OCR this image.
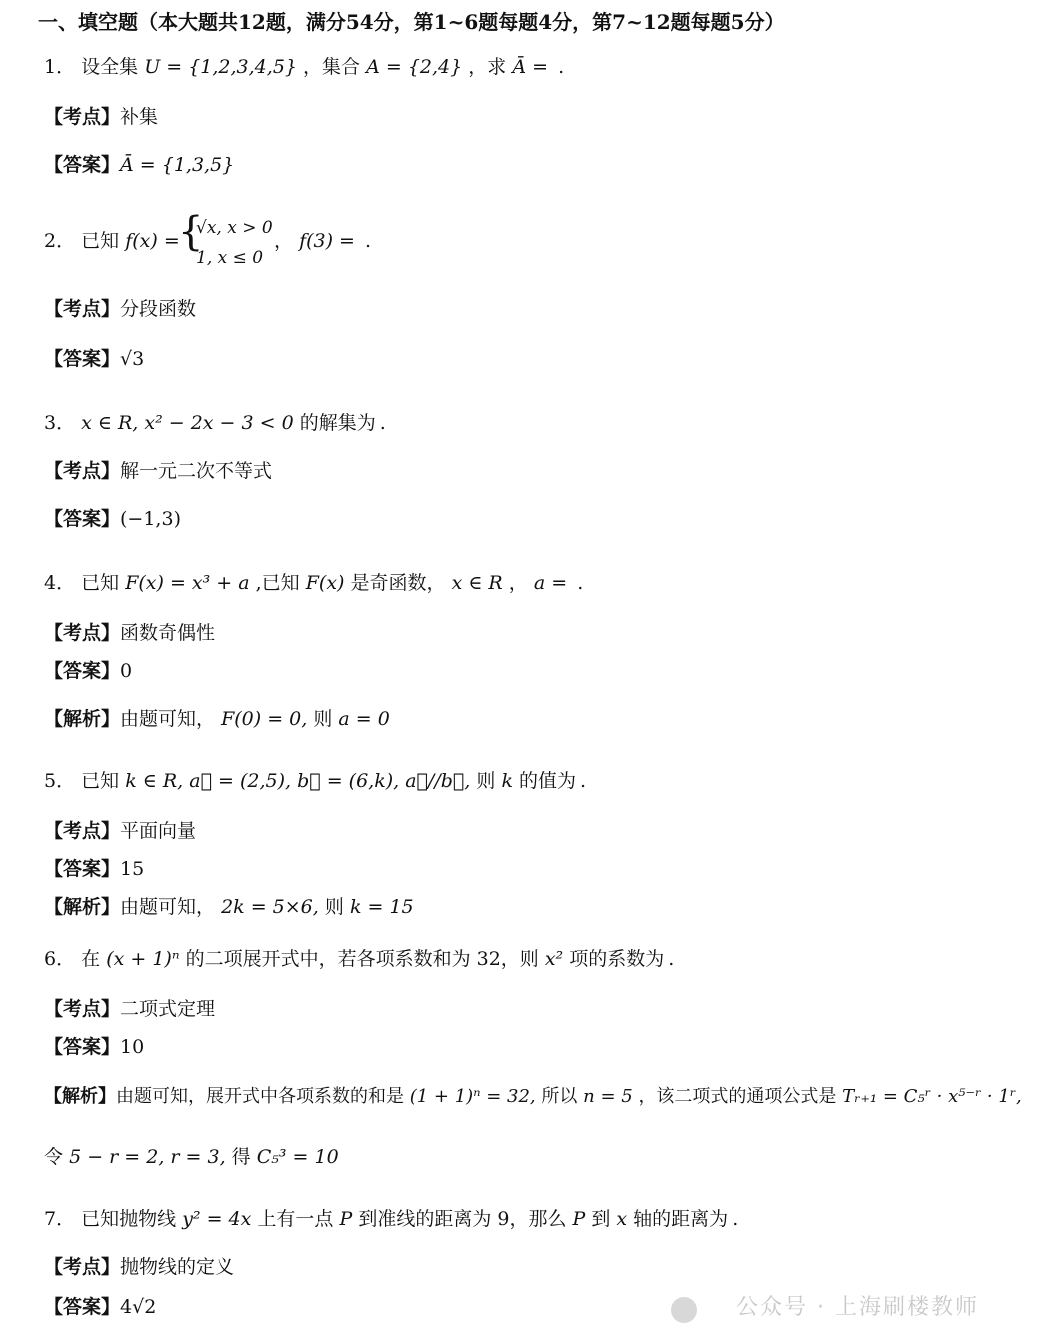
一、填空题（本大题共12题，满分54分，第1~6题每题4分，第7~12题每题5分）
1． 设全集 U = {1,2,3,4,5} ，集合 A = {2,4} ，求 Ā = .
【考点】补集
【答案】Ā = {1,3,5}
2． 已知 f(x) =
{
√x, x > 0
1, x ≤ 0
， f(3) = .
【考点】分段函数
【答案】√3
3． x ∈ R, x² − 2x − 3 < 0 的解集为 .
【考点】解一元二次不等式
【答案】(−1,3)
4． 已知 F(x) = x³ + a ,已知 F(x) 是奇函数， x ∈ R ， a = .
【考点】函数奇偶性
【答案】0
【解析】由题可知， F(0) = 0, 则 a = 0
5． 已知 k ∈ R, a⃗ = (2,5), b⃗ = (6,k), a⃗//b⃗, 则 k 的值为 .
【考点】平面向量
【答案】15
【解析】由题可知， 2k = 5×6, 则 k = 15
6． 在 (x + 1)ⁿ 的二项展开式中，若各项系数和为 32，则 x² 项的系数为 .
【考点】二项式定理
【答案】10
【解析】由题可知，展开式中各项系数的和是 (1 + 1)ⁿ = 32, 所以 n = 5 ，该二项式的通项公式是 Tᵣ₊₁ = C₅ʳ · x⁵⁻ʳ · 1ʳ,
令 5 − r = 2, r = 3, 得 C₅³ = 10
7． 已知抛物线 y² = 4x 上有一点 P 到准线的距离为 9，那么 P 到 x 轴的距离为 .
【考点】抛物线的定义
【答案】4√2	公众号 · 上海刷楼教师
